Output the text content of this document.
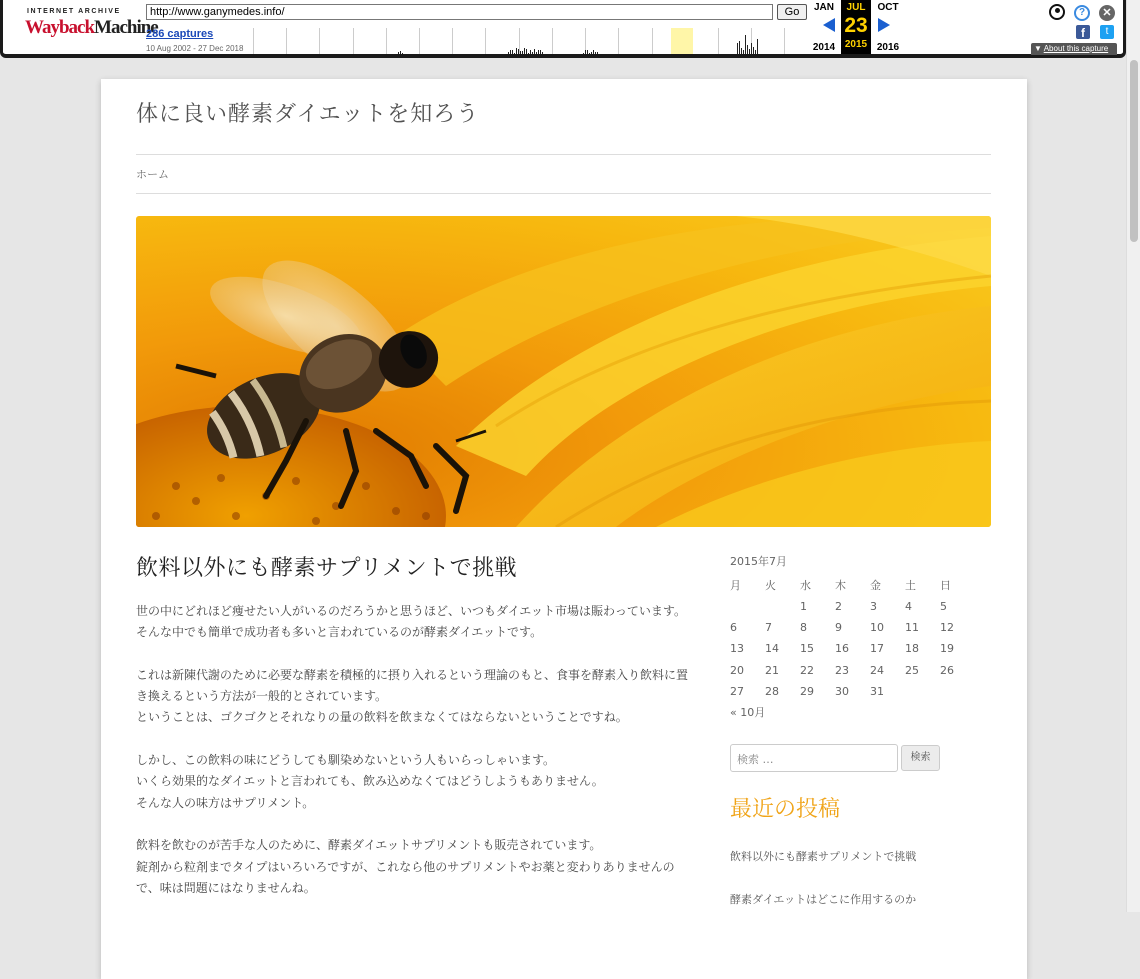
INTERNET ARCHIVE
WaybackMachine
http://www.ganymedes.info/	Go
286 captures
10 Aug 2002 - 27 Dec 2018
JAN
2014
JUL
23
2015
OCT
2016
?	✕
f	t
▼ About this capture
体に良い酵素ダイエットを知ろう
ホーム
飲料以外にも酵素サプリメントで挑戦

世の中にどれほど痩せたい人がいるのだろうかと思うほど、いつもダイエット市場は賑わっています。
そんな中でも簡単で成功者も多いと言われているのが酵素ダイエットです。

これは新陳代謝のために必要な酵素を積極的に摂り入れるという理論のもと、食事を酵素入り飲料に置き換えるという方法が一般的とされています。
ということは、ゴクゴクとそれなりの量の飲料を飲まなくてはならないということですね。

しかし、この飲料の味にどうしても馴染めないという人もいらっしゃいます。
いくら効果的なダイエットと言われても、飲み込めなくてはどうしようもありません。
そんな人の味方はサプリメント。

飲料を飲むのが苦手な人のために、酵素ダイエットサプリメントも販売されています。
錠剤から粒剤までタイプはいろいろですが、これなら他のサプリメントやお薬と変わりありませんので、味は問題にはなりませんね。

2015年7月
月	火	水	木	金	土	日
		1	2	3	4	5
6	7	8	9	10	11	12
13	14	15	16	17	18	19
20	21	22	23	24	25	26
27	28	29	30	31		
« 10月
検索 …	検索
最近の投稿
飲料以外にも酵素サプリメントで挑戦
酵素ダイエットはどこに作用するのか
